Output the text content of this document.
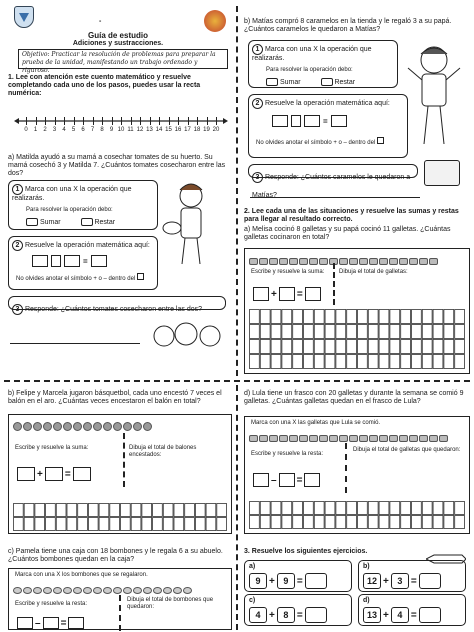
-
Guía de estudio
Adiciones y sustracciones.
Objetivo: Practicar la resolución de problemas para preparar la prueba de la unidad, manifestando un trabajo ordenado y riguroso.
1. Lee con atención este cuento matemático y resuelve completando cada uno de los pasos, puedes usar la recta numérica:
0	1	2	3	4	5	6	7	8	9 10 11 12 13 14 15 16 17 18 19 20
a) Matilda ayudó a su mamá a cosechar tomates de su huerto. Su mamá cosechó 3 y Matilda 7. ¿Cuántos tomates cosecharon entre las dos?
1 Marca con una X la operación que realizarás.
Para resolver la operación debo:
Sumar	Restar
2 Resuelve la operación matemática aquí:
=
No olvides anotar el símbolo + o – dentro del
3 Responde: ¿Cuántos tomates cosecharon entre las dos?
b) Matías compró 8 caramelos en la tienda y le regaló 3 a su papá. ¿Cuántos caramelos le quedaron a Matías?
1 Marca con una X la operación que realizarás.
Para resolver la operación debo:
Sumar	Restar
2 Resuelve la operación matemática aquí:
=
No olvides anotar el símbolo + o – dentro del
3 Responde: ¿Cuántos caramelos le quedaron a Matías?
2. Lee cada una de las situaciones y resuelve las sumas y restas para llegar al resultado correcto.
a) Melisa cocinó 8 galletas y su papá cocinó 11 galletas. ¿Cuántas galletas cocinaron en total?
Escribe y resuelve la suma: Dibuja el total de galletas:
+ =
b) Felipe y Marcela jugaron básquetbol, cada uno encestó 7 veces el balón en el aro. ¿Cuántas veces encestaron el balón en total?
Escribe y resuelve la suma:	Dibuja el total de balones encestados:
+ =
d) Lula tiene un frasco con 20 galletas y durante la semana se comió 9 galletas. ¿Cuántas galletas quedan en el frasco de Lula?
Marca con una X las galletas que Lula se comió.
Escribe y resuelve la resta:
Dibuja el total de galletas que quedaron:
– =
c) Pamela tiene una caja con 18 bombones y le regala 6 a su abuelo. ¿Cuántos bombones quedan en la caja?
Marca con una X los bombones que se regalaron.
Escribe y resuelve la resta:
Dibuja el total de bombones que quedaron:
– =
3. Resuelve los siguientes ejercicios.
a)
9 + 9 =
b)
12 + 3 =
c)
4 + 8 =
d)
13 + 4 =
